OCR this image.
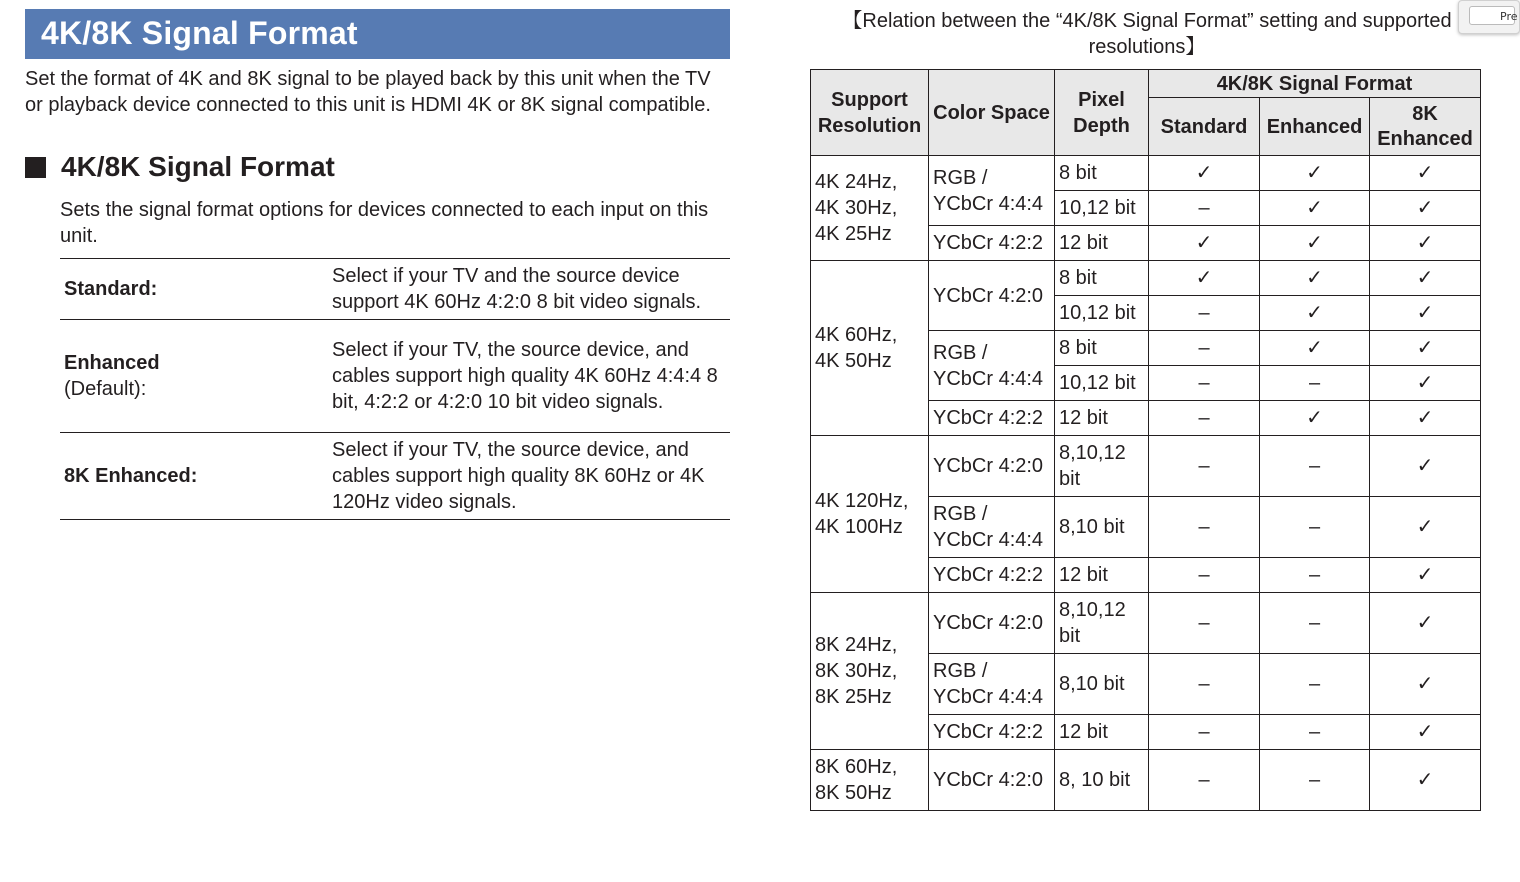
4K/8K Signal Format

Set the format of 4K and 8K signal to be played back by this unit when the TV or playback device connected to this unit is HDMI 4K or 8K signal compatible.

4K/8K Signal Format

Sets the signal format options for devices connected to each input on this unit.

Standard:	Select if your TV and the source device support 4K 60Hz 4:2:0 8 bit video signals.
Enhanced
(Default):	Select if your TV, the source device, and cables support high quality 4K 60Hz 4:4:4 8 bit, 4:2:2 or 4:2:0 10 bit video signals.
8K Enhanced:	Select if your TV, the source device, and cables support high quality 8K 60Hz or 4K 120Hz video signals.
【Relation between the “4K/8K Signal Format” setting and supported resolutions】
Support Resolution	Color Space	Pixel Depth	4K/8K Signal Format		
			Standard	Enhanced	8K Enhanced
4K 24Hz, 4K 30Hz, 4K 25Hz	RGB / YCbCr 4:4:4	8 bit	✓	✓	✓
		10,12 bit	–	✓	✓
	YCbCr 4:2:2	12 bit	✓	✓	✓
4K 60Hz, 4K 50Hz	YCbCr 4:2:0	8 bit	✓	✓	✓
		10,12 bit	–	✓	✓
	RGB / YCbCr 4:4:4	8 bit	–	✓	✓
		10,12 bit	–	–	✓
	YCbCr 4:2:2	12 bit	–	✓	✓
4K 120Hz, 4K 100Hz	YCbCr 4:2:0	8,10,12 bit	–	–	✓
	RGB / YCbCr 4:4:4	8,10 bit	–	–	✓
	YCbCr 4:2:2	12 bit	–	–	✓
8K 24Hz, 8K 30Hz, 8K 25Hz	YCbCr 4:2:0	8,10,12 bit	–	–	✓
	RGB / YCbCr 4:4:4	8,10 bit	–	–	✓
	YCbCr 4:2:2	12 bit	–	–	✓
8K 60Hz, 8K 50Hz	YCbCr 4:2:0	8, 10 bit	–	–	✓
Pre
